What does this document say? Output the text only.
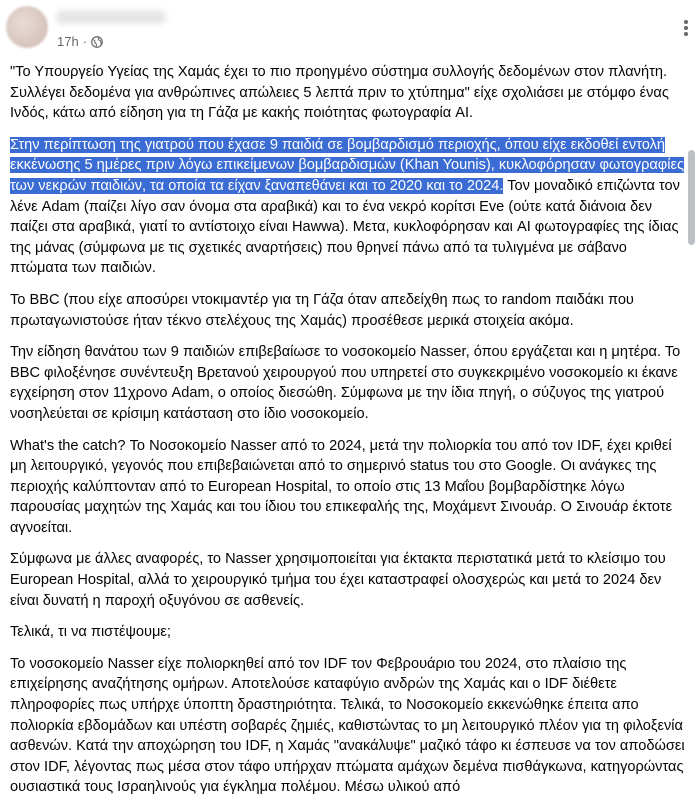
17h ·

"Το Υπουργείο Υγείας της Χαμάς έχει το πιο προηγμένο σύστημα συλλογής δεδομένων στον πλανήτη. Συλλέγει δεδομένα για ανθρώπινες απώλειες 5 λεπτά πριν το χτύπημα" είχε σχολιάσει με στόμφο ένας Ινδός, κάτω από είδηση για τη Γάζα με κακής ποιότητας φωτογραφία AI.

Στην περίπτωση της γιατρού που έχασε 9 παιδιά σε βομβαρδισμό περιοχής, όπου είχε εκδοθεί εντολή εκκένωσης 5 ημέρες πριν λόγω επικείμενων βομβαρδισμών (Khan Younis), κυκλοφόρησαν φωτογραφίες των νεκρών παιδιών, τα οποία τα είχαν ξαναπεθάνει και το 2020 και το 2024. Τον μοναδικό επιζώντα τον λένε Adam (παίζει λίγο σαν όνομα στα αραβικά) και το ένα νεκρό κορίτσι Eve (ούτε κατά διάνοια δεν παίζει στα αραβικά, γιατί το αντίστοιχο είναι Hawwa). Μετα, κυκλοφόρησαν και AI φωτογραφίες της ίδιας της μάνας (σύμφωνα με τις σχετικές αναρτήσεις) που θρηνεί πάνω από τα τυλιγμένα με σάβανο πτώματα των παιδιών.

Το BBC (που είχε αποσύρει ντοκιμαντέρ για τη Γάζα όταν απεδείχθη πως το random παιδάκι που πρωταγωνιστούσε ήταν τέκνο στελέχους της Χαμάς) προσέθεσε μερικά στοιχεία ακόμα.

Την είδηση θανάτου των 9 παιδιών επιβεβαίωσε το νοσοκομείο Nasser, όπου εργάζεται και η μητέρα. Το BBC φιλοξένησε συνέντευξη Βρετανού χειρουργού που υπηρετεί στο συγκεκριμένο νοσοκομείο κι έκανε εγχείρηση στον 11χρονο Adam, ο οποίος διεσώθη. Σύμφωνα με την ίδια πηγή, ο σύζυγος της γιατρού νοσηλεύεται σε κρίσιμη κατάσταση στο ίδιο νοσοκομείο.

What's the catch? Το Νοσοκομείο Nasser από το 2024, μετά την πολιορκία του από τον IDF, έχει κριθεί μη λειτουργικό, γεγονός που επιβεβαιώνεται από το σημερινό status του στο Google. Οι ανάγκες της περιοχής καλύπτονταν από το European Hospital, το οποίο στις 13 Μαΐου βομβαρδίστηκε λόγω παρουσίας μαχητών της Χαμάς και του ίδιου του επικεφαλής της, Μοχάμεντ Σινουάρ. Ο Σινουάρ έκτοτε αγνοείται.

Σύμφωνα με άλλες αναφορές, το Nasser χρησιμοποιείται για έκτακτα περιστατικά μετά το κλείσιμο του European Hospital, αλλά το χειρουργικό τμήμα του έχει καταστραφεί ολοσχερώς και μετά το 2024 δεν είναι δυνατή η παροχή οξυγόνου σε ασθενείς.

Τελικά, τι να πιστέψουμε;

Το νοσοκομείο Nasser είχε πολιορκηθεί από τον IDF τον Φεβρουάριο του 2024, στο πλαίσιο της επιχείρησης αναζήτησης ομήρων. Αποτελούσε καταφύγιο ανδρών της Χαμάς και ο IDF διέθετε πληροφορίες πως υπήρχε ύποπτη δραστηριότητα. Τελικά, το Νοσοκομείο εκκενώθηκε έπειτα απο πολιορκία εβδομάδων και υπέστη σοβαρές ζημιές, καθιστώντας το μη λειτουργικό πλέον για τη φιλοξενία ασθενών. Κατά την αποχώρηση του IDF, η Χαμάς "ανακάλυψε" μαζικό τάφο κι έσπευσε να τον αποδώσει στον IDF, λέγοντας πως μέσα στον τάφο υπήρχαν πτώματα αμάχων δεμένα πισθάγκωνα, κατηγορώντας ουσιαστικά τους Ισραηλινούς για έγκλημα πολέμου. Μέσω υλικού από
